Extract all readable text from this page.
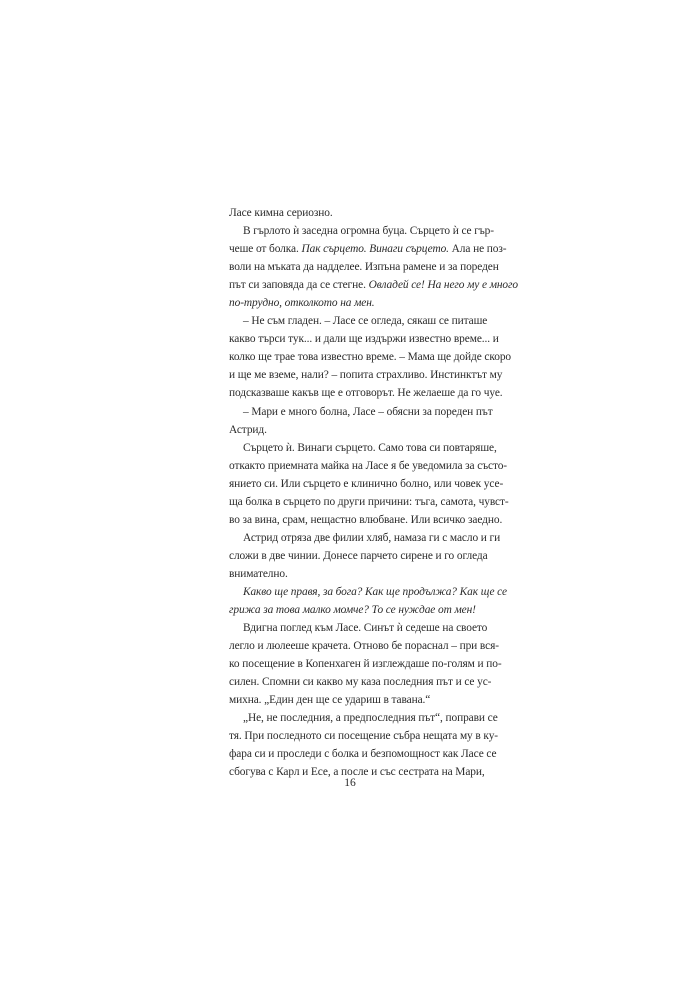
Ласе кимна сериозно.
В гърлото ѝ заседна огромна буца. Сърцето ѝ се гър-
чеше от болка. Пак сърцето. Винаги сърцето. Ала не поз-
воли на мъката да надделее. Изпъна рамене и за пореден
път си заповяда да се стегне. Овладей се! На него му е много
по-трудно, отколкото на мен.
– Не съм гладен. – Ласе се огледа, сякаш се питаше
какво търси тук... и дали ще издържи известно време... и
колко ще трае това известно време. – Мама ще дойде скоро
и ще ме вземе, нали? – попита страхливо. Инстинктът му
подсказваше какъв ще е отговорът. Не желаеше да го чуе.
– Мари е много болна, Ласе – обясни за пореден път
Астрид.
Сърцето ѝ. Винаги сърцето. Само това си повтаряше,
откакто приемната майка на Ласе я бе уведомила за състо-
янието си. Или сърцето е клинично болно, или човек усе-
ща болка в сърцето по други причини: тъга, самота, чувст-
во за вина, срам, нещастно влюбване. Или всичко заедно.
Астрид отряза две филии хляб, намаза ги с масло и ги
сложи в две чинии. Донесе парчето сирене и го огледа
внимателно.
Какво ще правя, за бога? Как ще продължа? Как ще се
грижа за това малко момче? То се нуждае от мен!
Вдигна поглед към Ласе. Синът ѝ седеше на своето
легло и люлееше крачета. Отново бе пораснал – при вся-
ко посещение в Копенхаген й изглеждаше по-голям и по-
силен. Спомни си какво му каза последния път и се ус-
михна. „Един ден ще се удариш в тавана.“
„Не, не последния, а предпоследния път“, поправи се
тя. При последното си посещение събра нещата му в ку-
фара си и проследи с болка и безпомощност как Ласе се
сбогува с Карл и Есе, а после и със сестрата на Мари,
16
